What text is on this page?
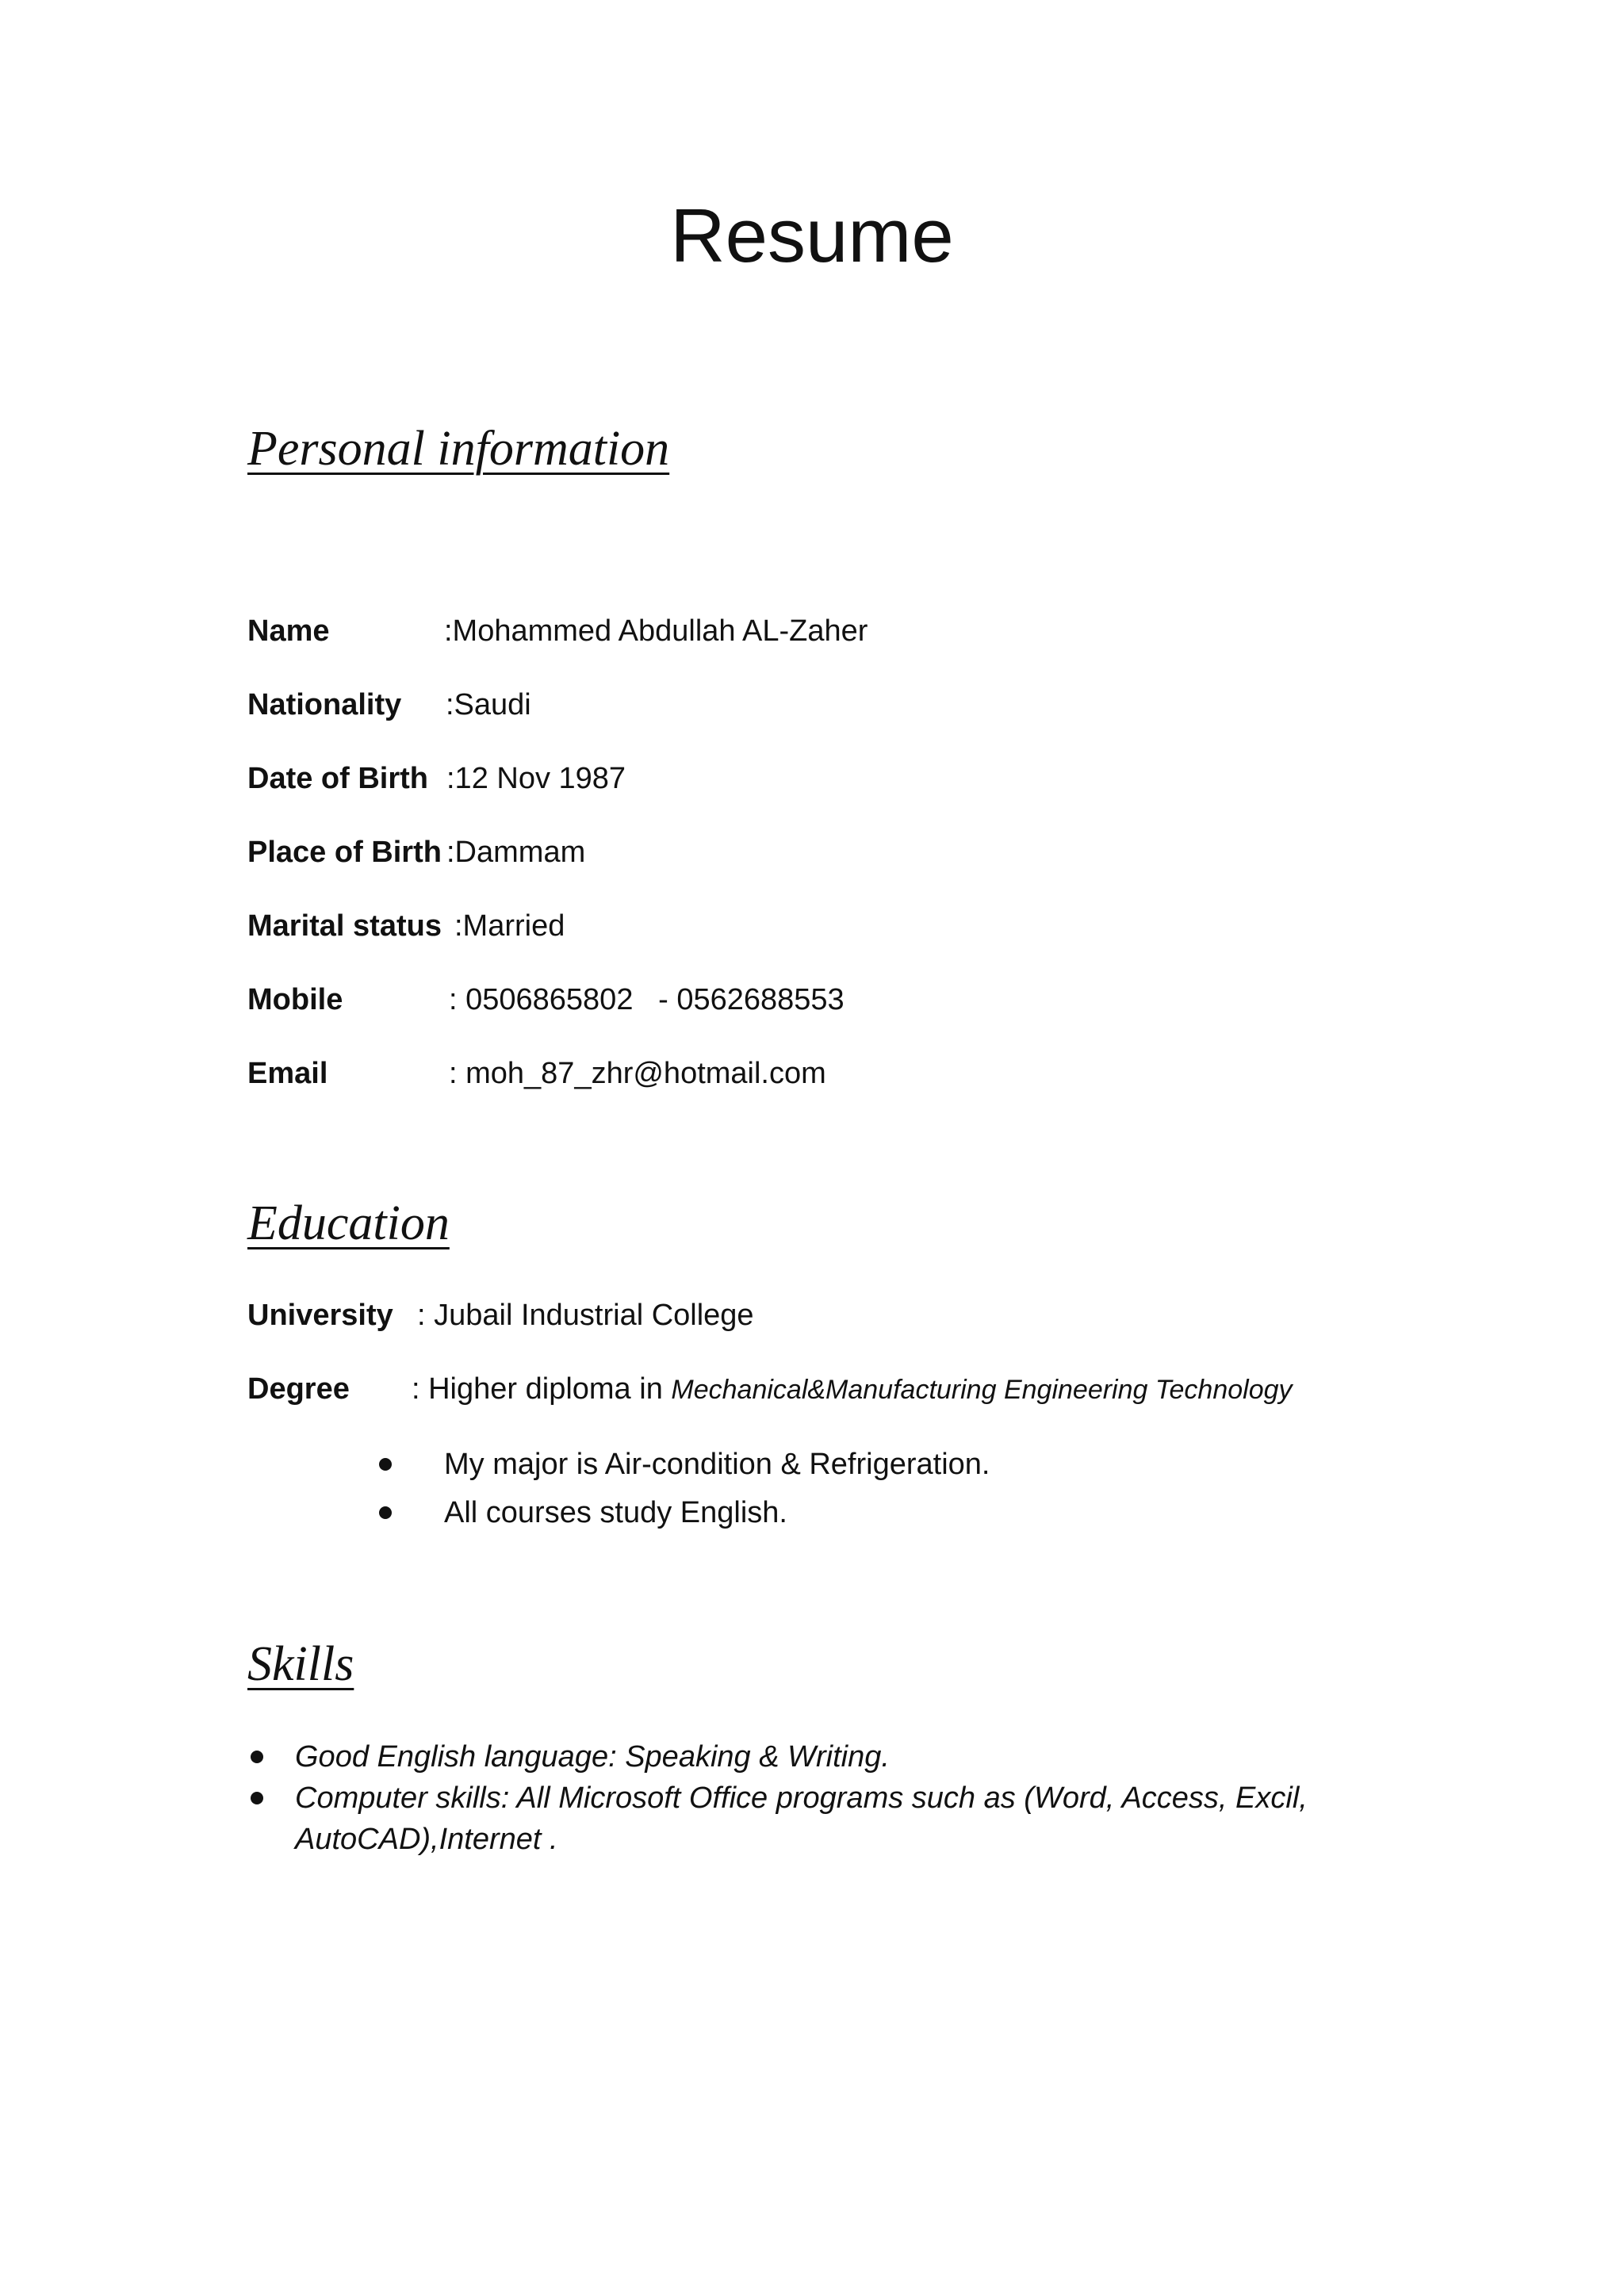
Resume
Personal information
Name	:Mohammed Abdullah AL-Zaher
Nationality :Saudi
Date of Birth :12 Nov 1987
Place of Birth :Dammam
Marital status :Married
Mobile	: 0506865802   - 0562688553
Email	: moh_87_zhr@hotmail.com
Education
University : Jubail Industrial College
Degree : Higher diploma in Mechanical&Manufacturing Engineering Technology
My major is Air-condition & Refrigeration.
All courses study English.
Skills
Good English language: Speaking & Writing.
Computer skills: All Microsoft Office programs such as (Word, Access, Excil,
AutoCAD),Internet .
